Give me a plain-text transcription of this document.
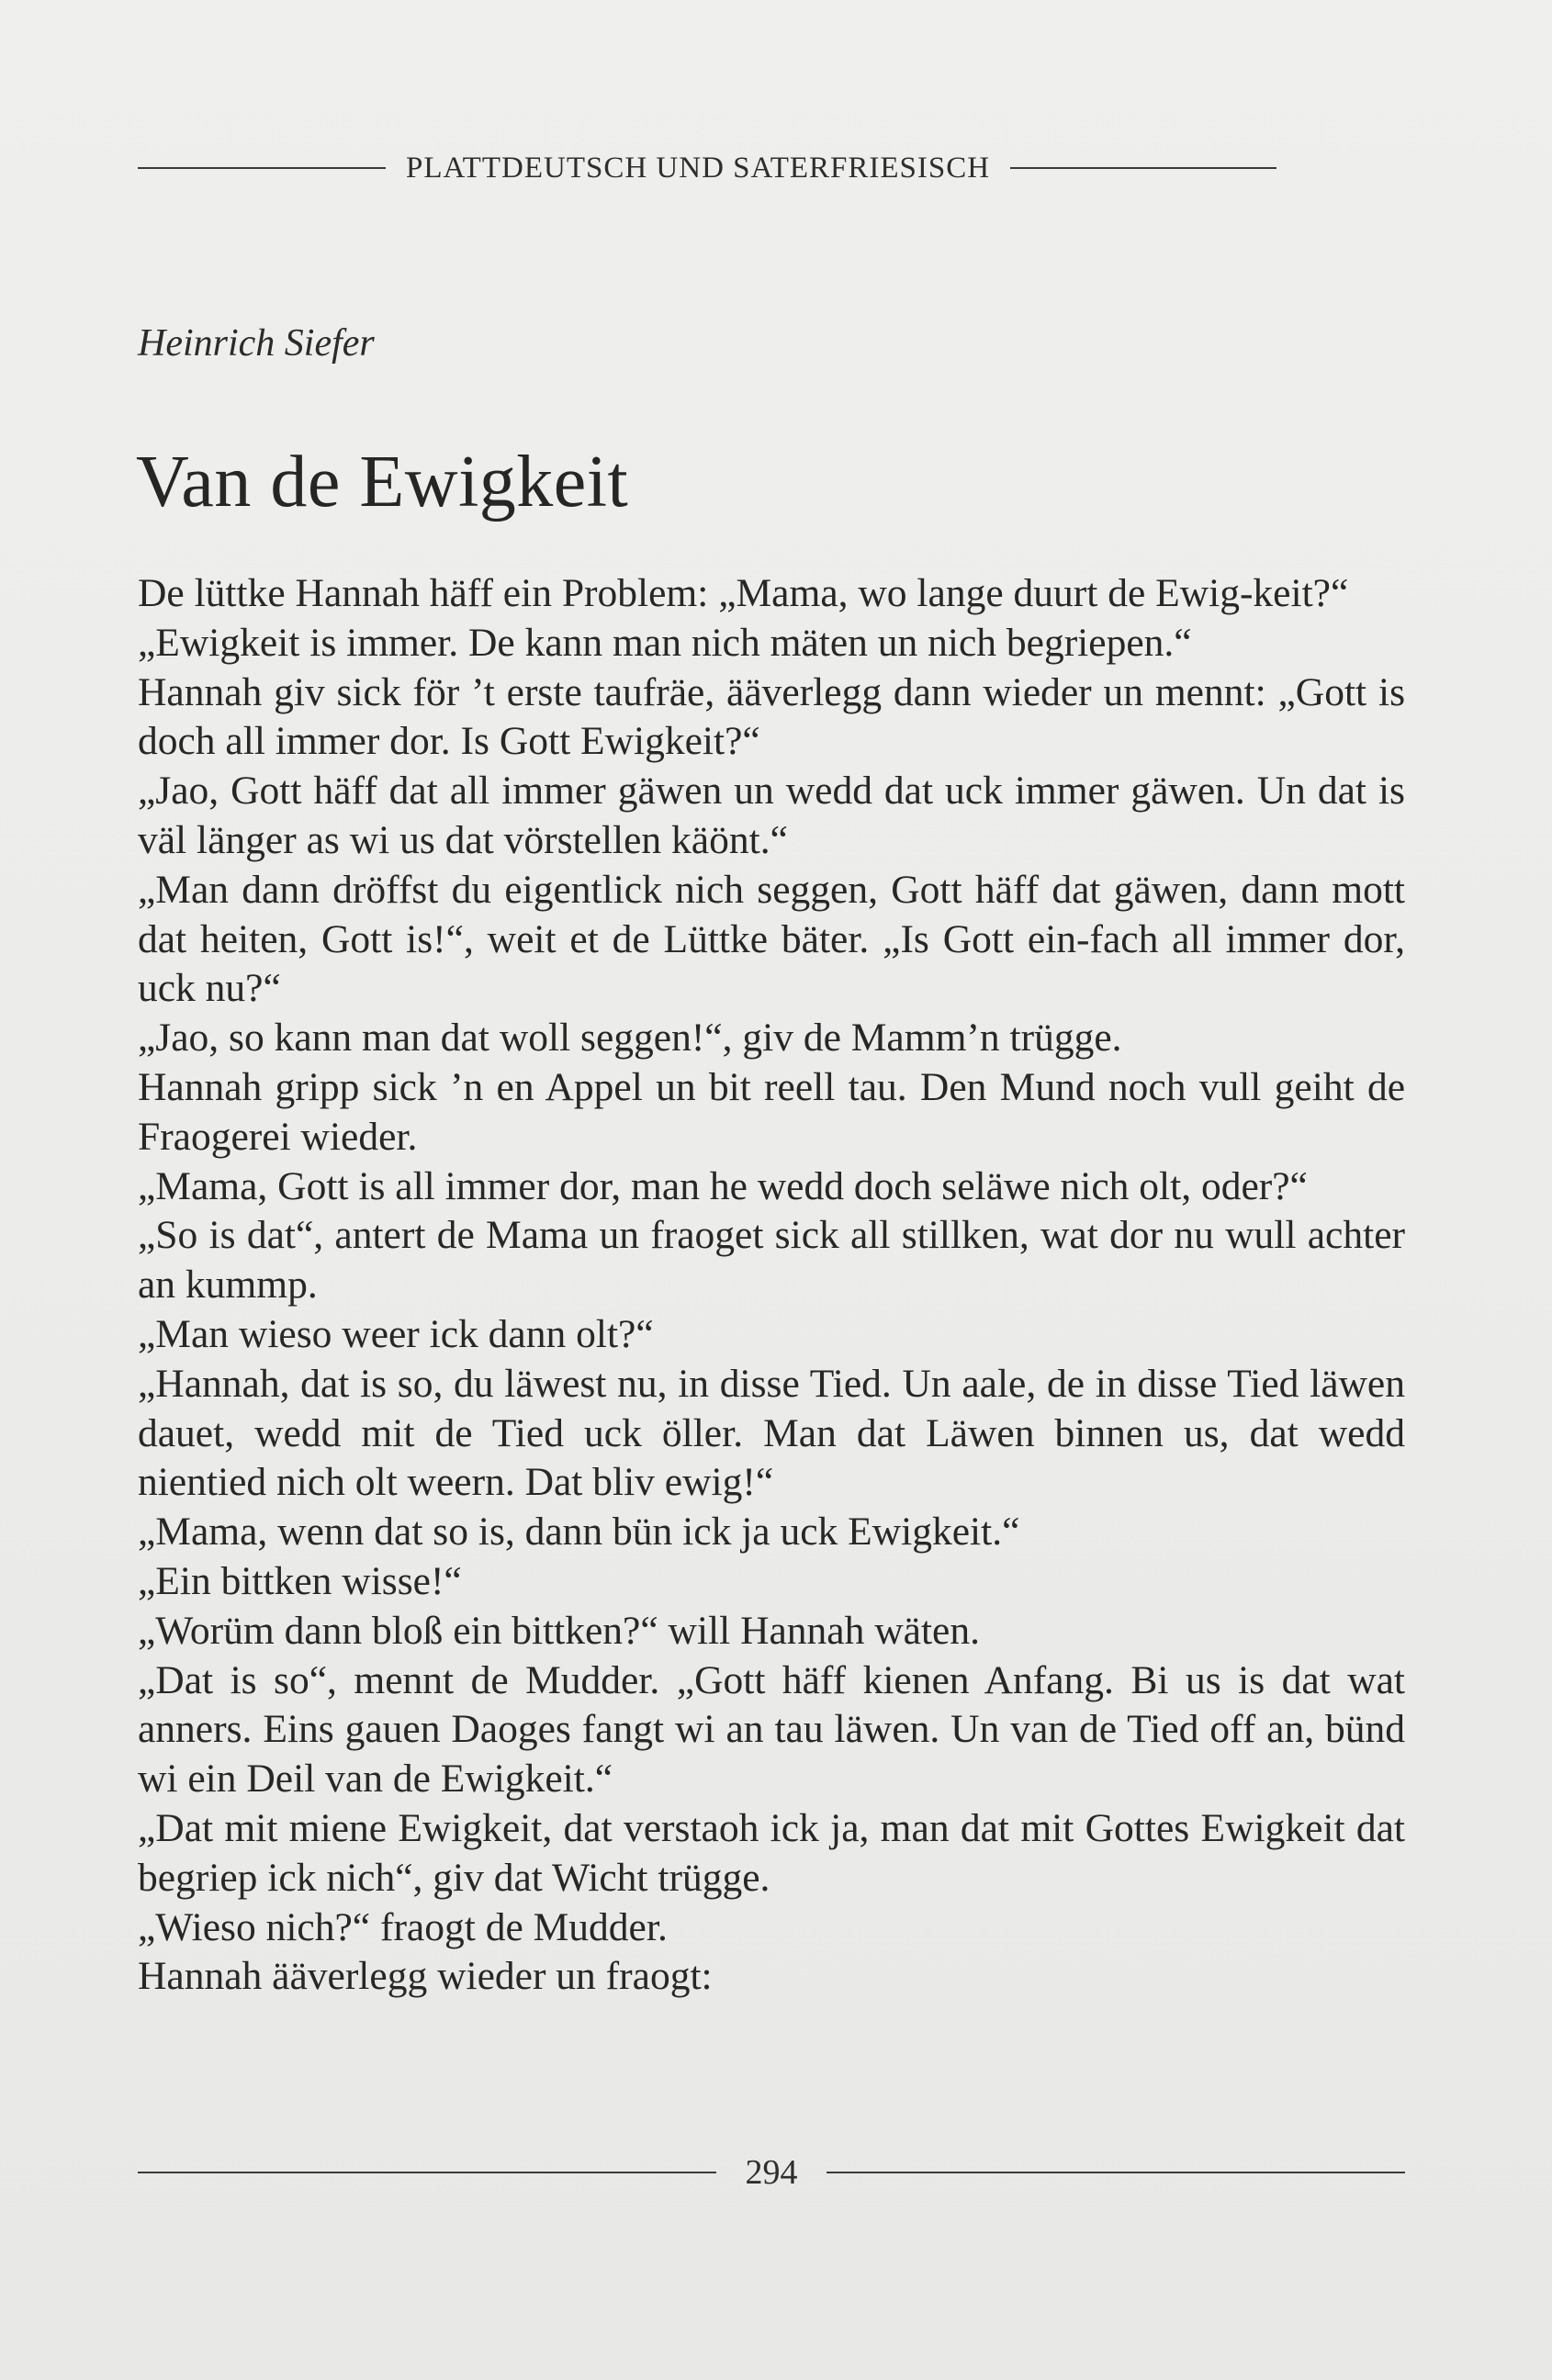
PLATTDEUTSCH UND SATERFRIESISCH
Heinrich Siefer
Van de Ewigkeit

De lüttke Hannah häff ein Problem: „Mama, wo lange duurt de Ewig-keit?“

„Ewigkeit is immer. De kann man nich mäten un nich begriepen.“

Hannah giv sick för ’t erste taufräe, ääverlegg dann wieder un mennt: „Gott is doch all immer dor. Is Gott Ewigkeit?“

„Jao, Gott häff dat all immer gäwen un wedd dat uck immer gäwen. Un dat is väl länger as wi us dat vörstellen käönt.“

„Man dann dröffst du eigentlick nich seggen, Gott häff dat gäwen, dann mott dat heiten, Gott is!“, weit et de Lüttke bäter. „Is Gott ein-fach all immer dor, uck nu?“

„Jao, so kann man dat woll seggen!“, giv de Mamm’n trügge.

Hannah gripp sick ’n en Appel un bit reell tau. Den Mund noch vull geiht de Fraogerei wieder.

„Mama, Gott is all immer dor, man he wedd doch seläwe nich olt, oder?“

„So is dat“, antert de Mama un fraoget sick all stillken, wat dor nu wull achter an kummp.

„Man wieso weer ick dann olt?“

„Hannah, dat is so, du läwest nu, in disse Tied. Un aale, de in disse Tied läwen dauet, wedd mit de Tied uck öller. Man dat Läwen binnen us, dat wedd nientied nich olt weern. Dat bliv ewig!“

„Mama, wenn dat so is, dann bün ick ja uck Ewigkeit.“

„Ein bittken wisse!“

„Worüm dann bloß ein bittken?“ will Hannah wäten.

„Dat is so“, mennt de Mudder. „Gott häff kienen Anfang. Bi us is dat wat anners. Eins gauen Daoges fangt wi an tau läwen. Un van de Tied off an, bünd wi ein Deil van de Ewigkeit.“

„Dat mit miene Ewigkeit, dat verstaoh ick ja, man dat mit Gottes Ewigkeit dat begriep ick nich“, giv dat Wicht trügge.

„Wieso nich?“ fraogt de Mudder.

Hannah ääverlegg wieder un fraogt:

294
